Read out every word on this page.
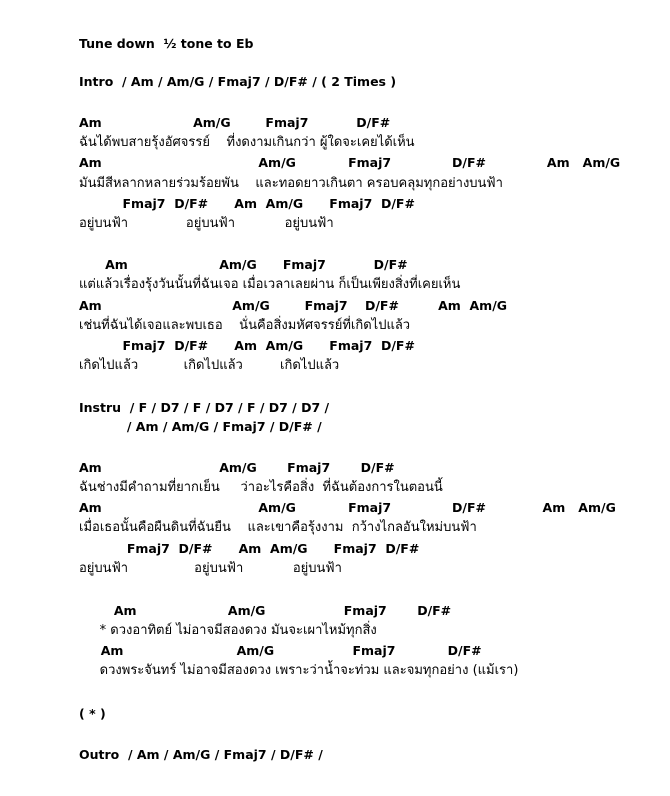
Tune down  ½ tone to Eb
Intro  / Am / Am/G / Fmaj7 / D/F# / ( 2 Times )
Am                     Am/G        Fmaj7           D/F#
ฉันได้พบสายรุ้งอัศจรรย์    ที่งดงามเกินกว่า ผู้ใดจะเคยได้เห็น
Am                                    Am/G            Fmaj7              D/F#              Am   Am/G
มันมีสีหลากหลายร่วมร้อยพัน    และทอดยาวเกินตา ครอบคลุมทุกอย่างบนฟ้า
Fmaj7  D/F#      Am  Am/G      Fmaj7  D/F#
อยู่บนฟ้า              อยู่บนฟ้า            อยู่บนฟ้า
Am                     Am/G      Fmaj7           D/F#
แต่แล้วเรื่องรุ้งวันนั้นที่ฉันเจอ เมื่อเวลาเลยผ่าน ก็เป็นเพียงสิ่งที่เคยเห็น
Am                              Am/G        Fmaj7    D/F#         Am  Am/G
เช่นที่ฉันได้เจอและพบเธอ    นั่นคือสิ่งมหัศจรรย์ที่เกิดไปแล้ว
Fmaj7  D/F#      Am  Am/G      Fmaj7  D/F#
เกิดไปแล้ว           เกิดไปแล้ว         เกิดไปแล้ว
Instru  / F / D7 / F / D7 / F / D7 / D7 /
/ Am / Am/G / Fmaj7 / D/F# /
Am                           Am/G       Fmaj7       D/F#
ฉันช่างมีคำถามที่ยากเย็น     ว่าอะไรคือสิ่ง  ที่ฉันต้องการในตอนนี้
Am                                    Am/G            Fmaj7              D/F#             Am   Am/G
เมื่อเธอนั้นคือผืนดินที่ฉันยืน    และเขาคือรุ้งงาม  กว้างไกลอันใหม่บนฟ้า
Fmaj7  D/F#      Am  Am/G      Fmaj7  D/F#
อยู่บนฟ้า                อยู่บนฟ้า            อยู่บนฟ้า
Am                     Am/G                  Fmaj7       D/F#
* ดวงอาทิตย์ ไม่อาจมีสองดวง มันจะเผาไหม้ทุกสิ่ง
Am                          Am/G                  Fmaj7            D/F#
ดวงพระจันทร์ ไม่อาจมีสองดวง เพราะว่าน้ำจะท่วม และจมทุกอย่าง (แม้เรา)
( * )
Outro  / Am / Am/G / Fmaj7 / D/F# /
